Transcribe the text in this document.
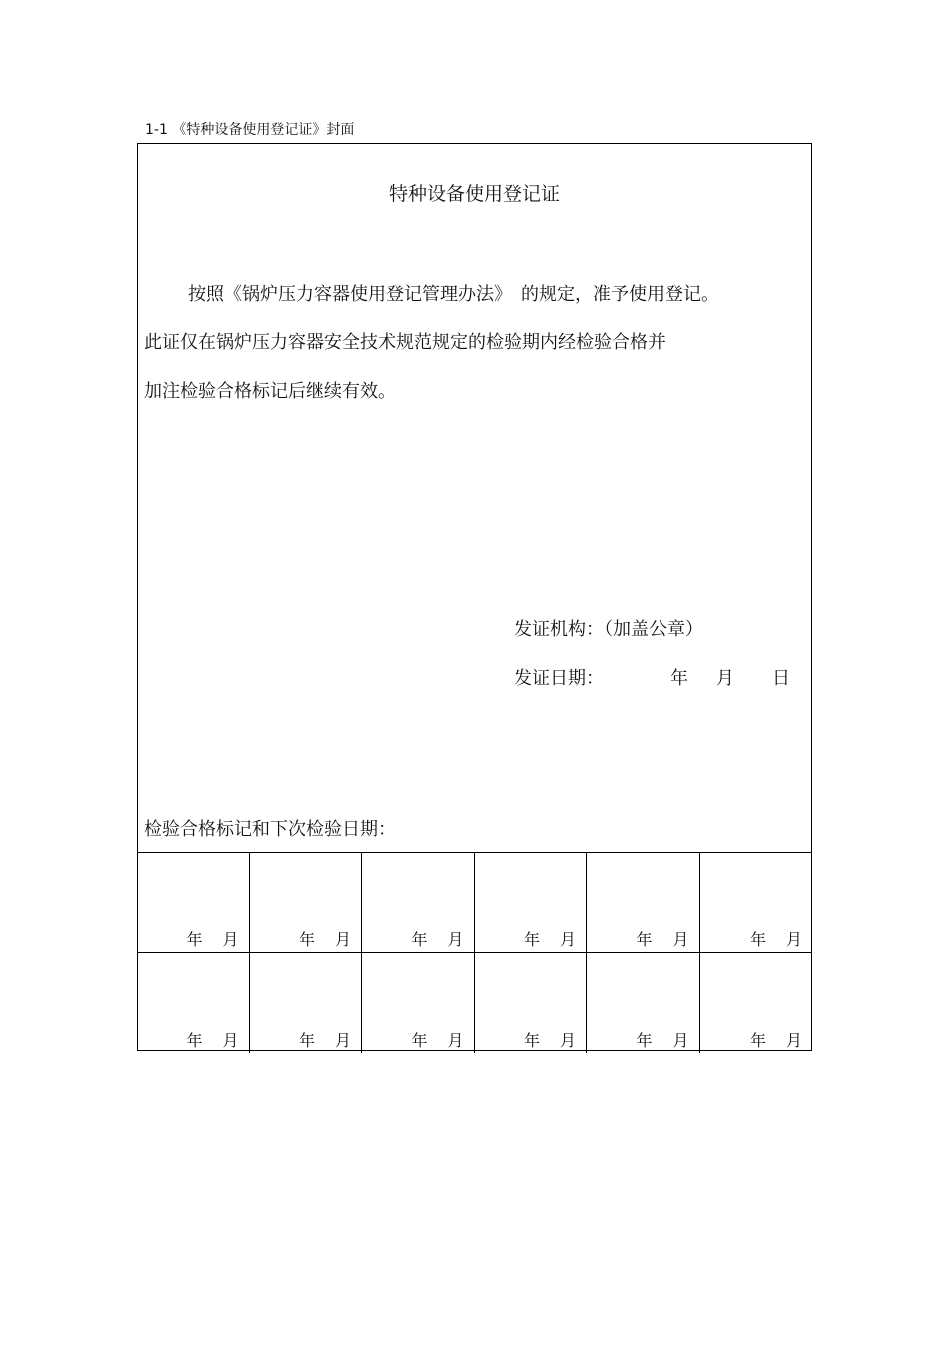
1-1 《特种设备使用登记证》封面
特种设备使用登记证
按照《锅炉压力容器使用登记管理办法》　的规定，准予使用登记。
此证仅在锅炉压力容器安全技术规范规定的检验期内经检验合格并
加注检验合格标记后继续有效。
发证机构：（加盖公章）
发证日期：	年 月 日
检验合格标记和下次检验日期：
年 月	年 月	年 月	年 月	年 月	年 月
年 月	年 月	年 月	年 月	年 月	年 月
